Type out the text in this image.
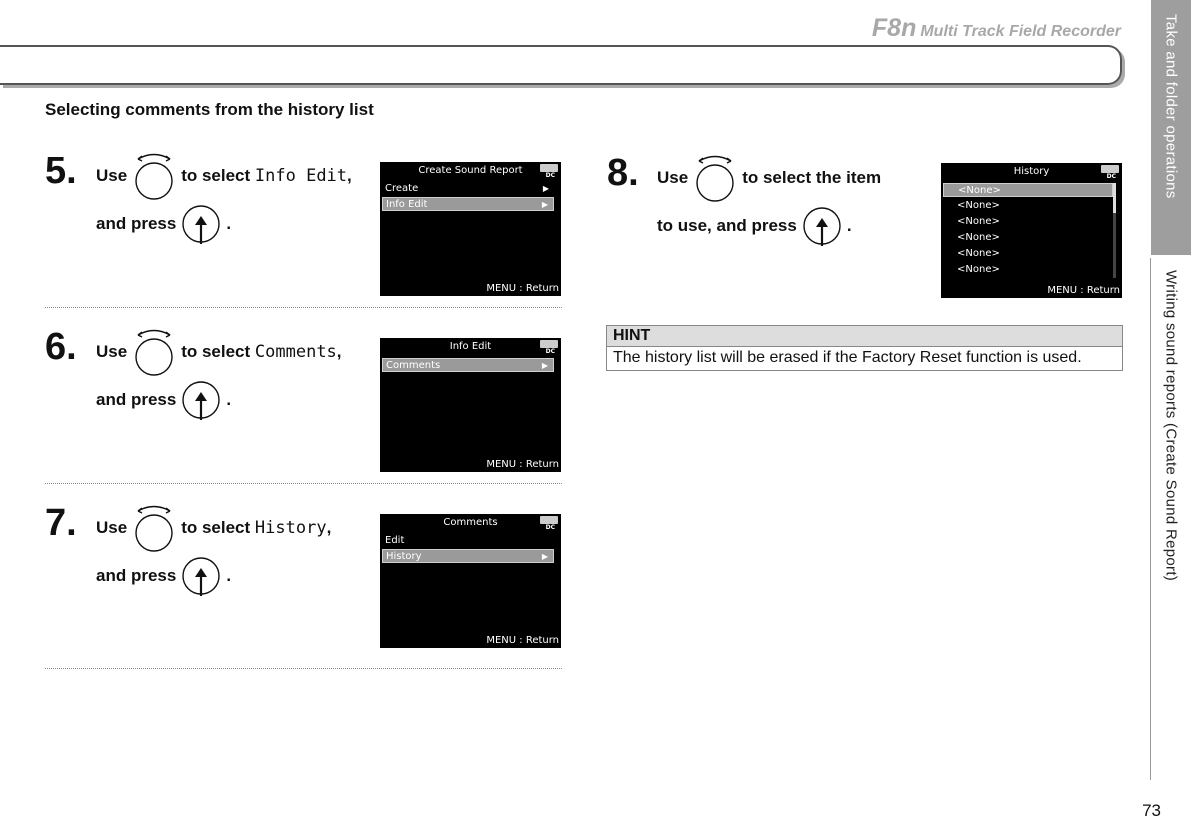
F8n Multi Track Field Recorder	Take and folder operations
Writing sound reports (Create Sound Report)
Selecting comments from the history list
5. Use	to select
Info Edit ,
and press	.
Create Sound Report	DC
Create	▶
Info Edit	▶
MENU : Return
6. Use	to select
Comments ,
and press	.
Info Edit	DC
Comments	▶
MENU : Return
7. Use	to select
History ,
and press	.
Comments	DC
Edit
History	▶
MENU : Return
8. Use	to select the item
to use, and press	.
History	DC
<None>
<None>
<None>
<None>
<None>
<None>
MENU : Return
HINT
The history list will be erased if the Factory Reset function is used.
73
